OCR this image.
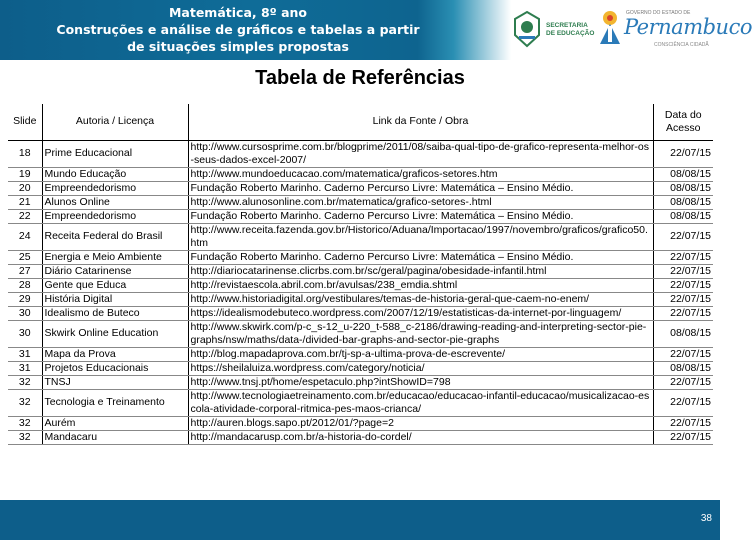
Matemática, 8º ano
Construções e análise de gráficos e tabelas a partir
de situações simples propostas
SECRETARIA
DE EDUCAÇÃO
GOVERNO DO ESTADO DE
Pernambuco
CONSCIÊNCIA CIDADÃ
Tabela de Referências
Slide	Autoria / Licença	Link da Fonte / Obra	Data do Acesso
18	Prime Educacional	http://www.cursosprime.com.br/blogprime/2011/08/saiba-qual-tipo-de-grafico-representa-melhor-os-seus-dados-excel-2007/	22/07/15
19	Mundo Educação	http://www.mundoeducacao.com/matematica/graficos-setores.htm	08/08/15
20	Empreendedorismo	Fundação Roberto Marinho. Caderno Percurso Livre: Matemática – Ensino Médio.	08/08/15
21	Alunos Online	http://www.alunosonline.com.br/matematica/grafico-setores-.html	08/08/15
22	Empreendedorismo	Fundação Roberto Marinho. Caderno Percurso Livre: Matemática – Ensino Médio.	08/08/15
24	Receita Federal do Brasil	http://www.receita.fazenda.gov.br/Historico/Aduana/Importacao/1997/novembro/graficos/grafico50.htm	22/07/15
25	Energia e Meio Ambiente	Fundação Roberto Marinho. Caderno Percurso Livre: Matemática – Ensino Médio.	22/07/15
27	Diário Catarinense	http://diariocatarinense.clicrbs.com.br/sc/geral/pagina/obesidade-infantil.html	22/07/15
28	Gente que Educa	http://revistaescola.abril.com.br/avulsas/238_emdia.shtml	22/07/15
29	História Digital	http://www.historiadigital.org/vestibulares/temas-de-historia-geral-que-caem-no-enem/	22/07/15
30	Idealismo de Buteco	https://idealismodebuteco.wordpress.com/2007/12/19/estatisticas-da-internet-por-linguagem/	22/07/15
30	Skwirk Online Education	http://www.skwirk.com/p-c_s-12_u-220_t-588_c-2186/drawing-reading-and-interpreting-sector-pie-graphs/nsw/maths/data-/divided-bar-graphs-and-sector-pie-graphs	08/08/15
31	Mapa da Prova	http://blog.mapadaprova.com.br/tj-sp-a-ultima-prova-de-escrevente/	22/07/15
31	Projetos Educacionais	https://sheilaluiza.wordpress.com/category/noticia/	08/08/15
32	TNSJ	http://www.tnsj.pt/home/espetaculo.php?intShowID=798	22/07/15
32	Tecnologia e Treinamento	http://www.tecnologiaetreinamento.com.br/educacao/educacao-infantil-educacao/musicalizacao-escola-atividade-corporal-ritmica-pes-maos-crianca/	22/07/15
32	Aurém	http://auren.blogs.sapo.pt/2012/01/?page=2	22/07/15
32	Mandacaru	http://mandacarusp.com.br/a-historia-do-cordel/	22/07/15
38
